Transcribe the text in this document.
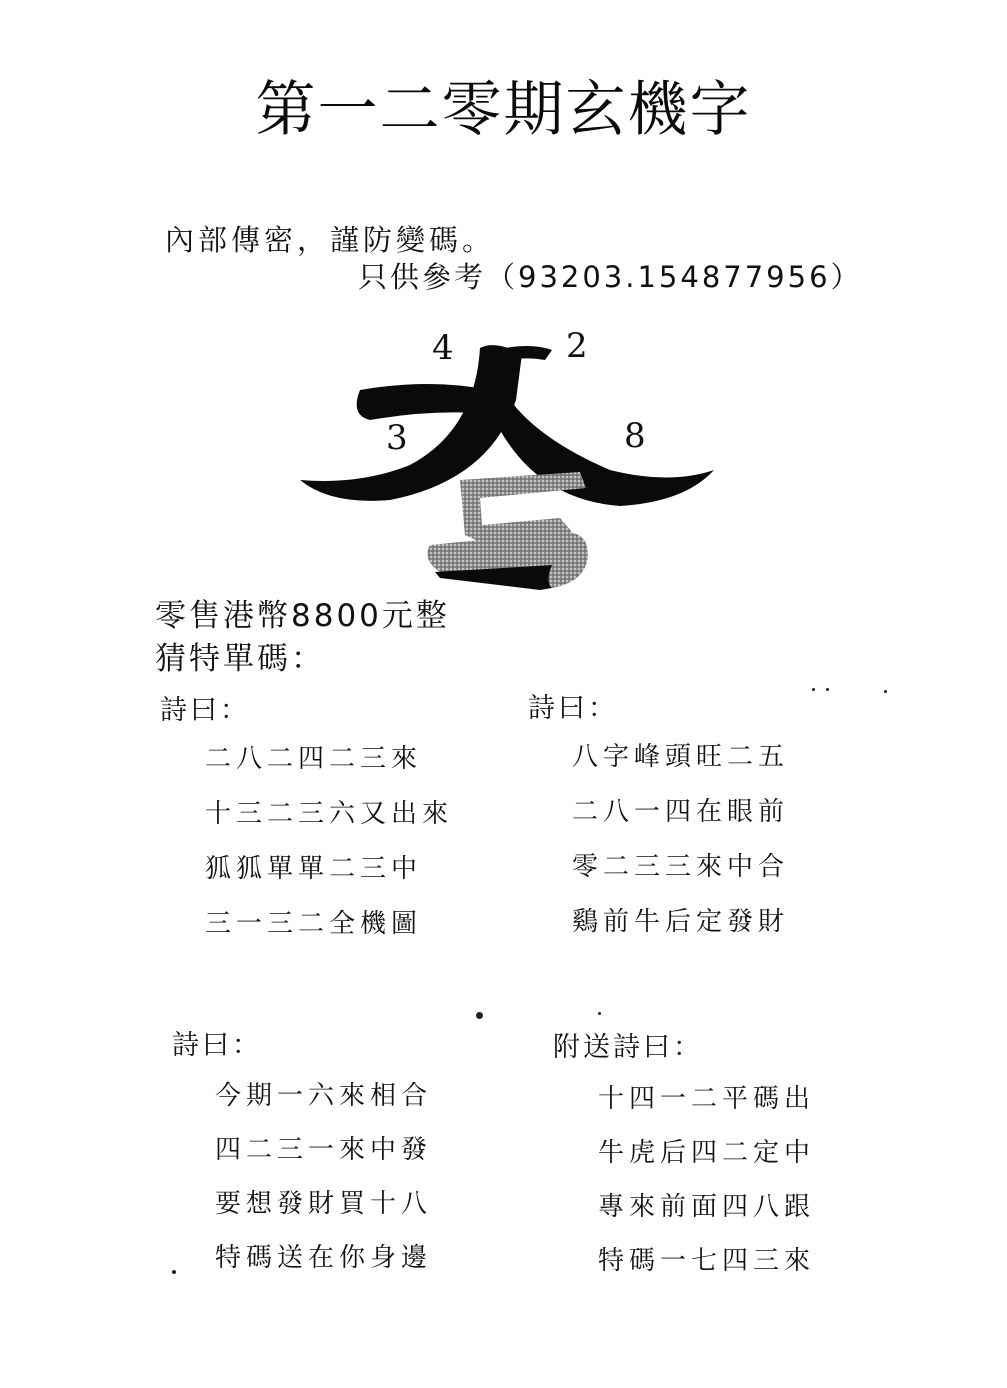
第一二零期玄機字
內部傳密，謹防變碼。
只供參考（93203.154877956）
4	2
3	8
零售港幣8800元整
猜特單碼：
詩曰：
二八二四二三來
十三二三六又出來
狐狐單單二三中
三一三二全機圖
詩曰：
八字峰頭旺二五
二八一四在眼前
零二三三來中合
鷄前牛后定發財
詩曰：
今期一六來相合
四二三一來中發
要想發財買十八
特碼送在你身邊
附送詩曰：
十四一二平碼出
牛虎后四二定中
專來前面四八跟
特碼一七四三來
